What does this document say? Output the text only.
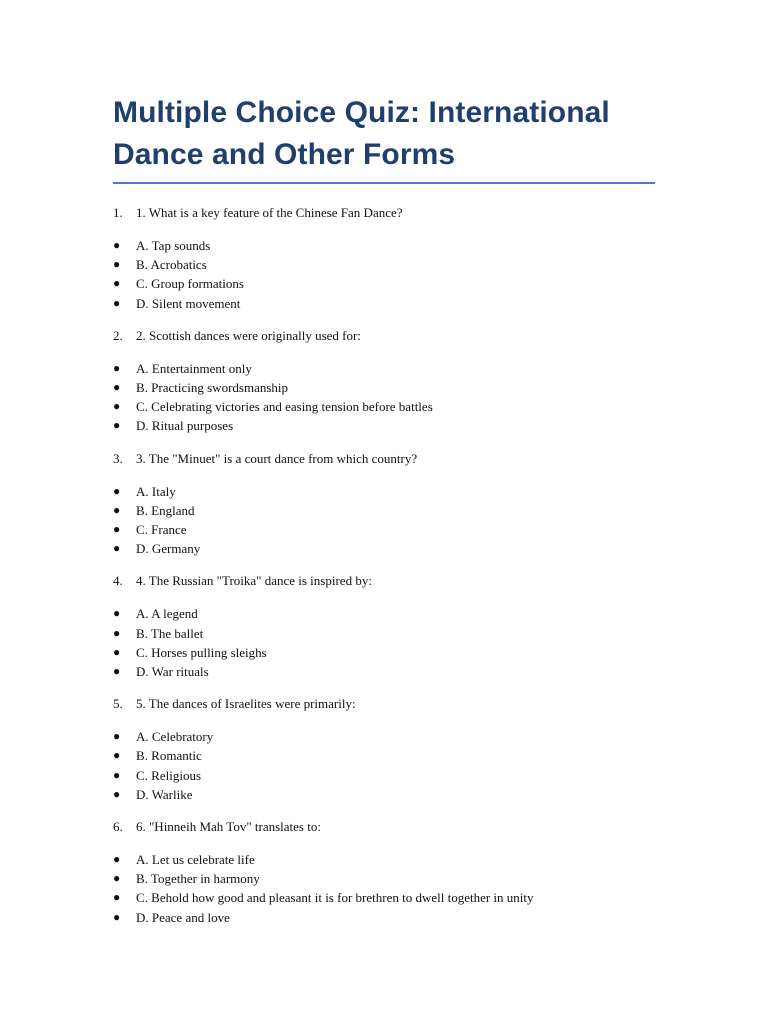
Multiple Choice Quiz: International Dance and Other Forms
1.	1. What is a key feature of the Chinese Fan Dance?
●	A. Tap sounds
●	B. Acrobatics
●	C. Group formations
●	D. Silent movement
2.	2. Scottish dances were originally used for:
●	A. Entertainment only
●	B. Practicing swordsmanship
●	C. Celebrating victories and easing tension before battles
●	D. Ritual purposes
3.	3. The "Minuet" is a court dance from which country?
●	A. Italy
●	B. England
●	C. France
●	D. Germany
4.	4. The Russian "Troika" dance is inspired by:
●	A. A legend
●	B. The ballet
●	C. Horses pulling sleighs
●	D. War rituals
5.	5. The dances of Israelites were primarily:
●	A. Celebratory
●	B. Romantic
●	C. Religious
●	D. Warlike
6.	6. "Hinneih Mah Tov" translates to:
●	A. Let us celebrate life
●	B. Together in harmony
●	C. Behold how good and pleasant it is for brethren to dwell together in unity
●	D. Peace and love
